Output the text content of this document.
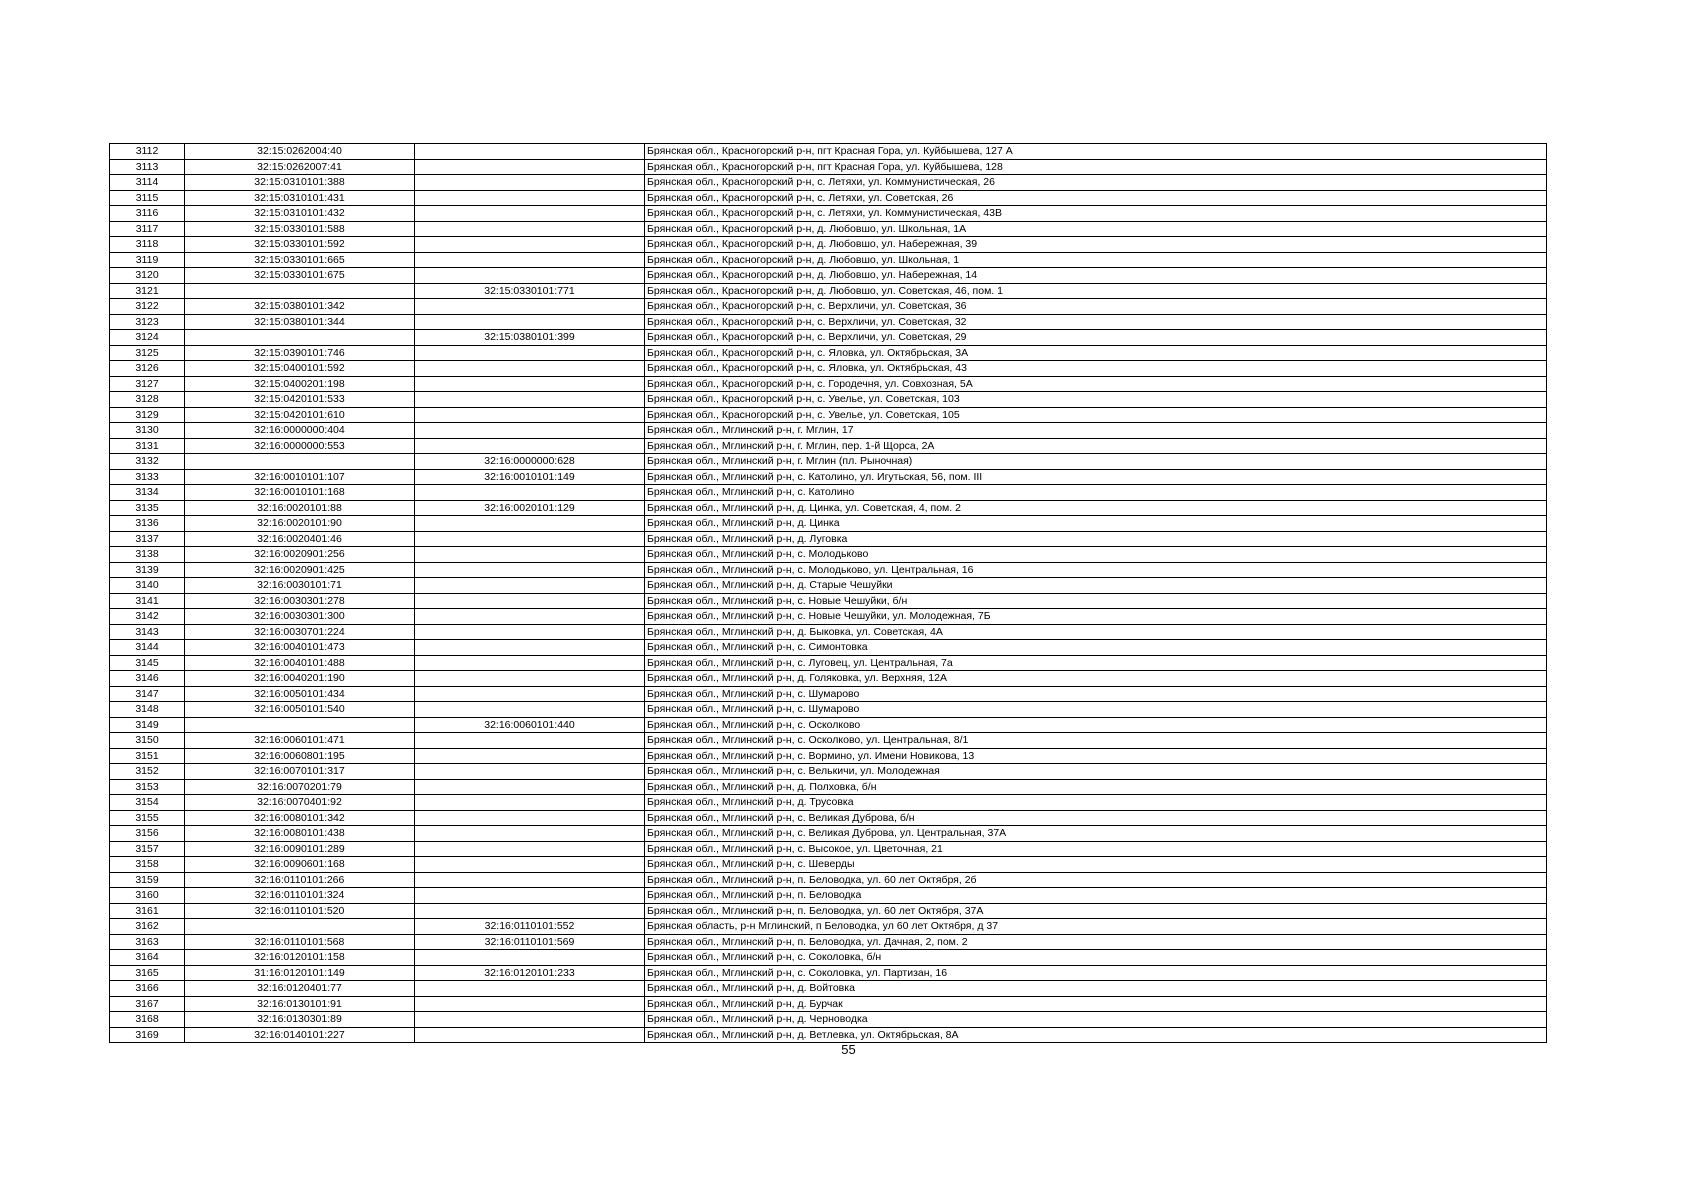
3112	32:15:0262004:40		Брянская обл., Красногорский р-н, пгт Красная Гора, ул. Куйбышева, 127 А
3113	32:15:0262007:41		Брянская обл., Красногорский р-н, пгт Красная Гора, ул. Куйбышева, 128
3114	32:15:0310101:388		Брянская обл., Красногорский р-н, с. Летяхи, ул. Коммунистическая, 26
3115	32:15:0310101:431		Брянская обл., Красногорский р-н, с. Летяхи, ул. Советская, 26
3116	32:15:0310101:432		Брянская обл., Красногорский р-н, с. Летяхи, ул. Коммунистическая, 43В
3117	32:15:0330101:588		Брянская обл., Красногорский р-н, д. Любовшо, ул. Школьная, 1А
3118	32:15:0330101:592		Брянская обл., Красногорский р-н, д. Любовшо, ул. Набережная, 39
3119	32:15:0330101:665		Брянская обл., Красногорский р-н, д. Любовшо, ул. Школьная, 1
3120	32:15:0330101:675		Брянская обл., Красногорский р-н, д. Любовшо, ул. Набережная, 14
3121		32:15:0330101:771	Брянская обл., Красногорский р-н, д. Любовшо, ул. Советская, 46, пом. 1
3122	32:15:0380101:342		Брянская обл., Красногорский р-н, с. Верхличи, ул. Советская, 36
3123	32:15:0380101:344		Брянская обл., Красногорский р-н, с. Верхличи, ул. Советская, 32
3124		32:15:0380101:399	Брянская обл., Красногорский р-н, с. Верхличи, ул. Советская, 29
3125	32:15:0390101:746		Брянская обл., Красногорский р-н, с. Яловка, ул. Октябрьская, 3А
3126	32:15:0400101:592		Брянская обл., Красногорский р-н, с. Яловка, ул. Октябрьская, 43
3127	32:15:0400201:198		Брянская обл., Красногорский р-н, с. Городечня, ул. Совхозная, 5А
3128	32:15:0420101:533		Брянская обл., Красногорский р-н, с. Увелье, ул. Советская, 103
3129	32:15:0420101:610		Брянская обл., Красногорский р-н, с. Увелье, ул. Советская, 105
3130	32:16:0000000:404		Брянская обл., Мглинский р-н, г. Мглин, 17
3131	32:16:0000000:553		Брянская обл., Мглинский р-н, г. Мглин, пер. 1-й Щорса, 2А
3132		32:16:0000000:628	Брянская обл., Мглинский р-н, г. Мглин (пл. Рыночная)
3133	32:16:0010101:107	32:16:0010101:149	Брянская обл., Мглинский р-н, с. Католино, ул. Игутьская, 56, пом. III
3134	32:16:0010101:168		Брянская обл., Мглинский р-н, с. Католино
3135	32:16:0020101:88	32:16:0020101:129	Брянская обл., Мглинский р-н, д. Цинка, ул. Советская, 4, пом. 2
3136	32:16:0020101:90		Брянская обл., Мглинский р-н, д. Цинка
3137	32:16:0020401:46		Брянская обл., Мглинский р-н, д. Луговка
3138	32:16:0020901:256		Брянская обл., Мглинский р-н, с. Молодьково
3139	32:16:0020901:425		Брянская обл., Мглинский р-н, с. Молодьково, ул. Центральная, 16
3140	32:16:0030101:71		Брянская обл., Мглинский р-н, д. Старые Чешуйки
3141	32:16:0030301:278		Брянская обл., Мглинский р-н, с. Новые Чешуйки, б/н
3142	32:16:0030301:300		Брянская обл., Мглинский р-н, с. Новые Чешуйки, ул. Молодежная, 7Б
3143	32:16:0030701:224		Брянская обл., Мглинский р-н, д. Быковка, ул. Советская, 4А
3144	32:16:0040101:473		Брянская обл., Мглинский р-н, с. Симонтовка
3145	32:16:0040101:488		Брянская обл., Мглинский р-н, с. Луговец, ул. Центральная, 7а
3146	32:16:0040201:190		Брянская обл., Мглинский р-н, д. Голяковка, ул. Верхняя, 12А
3147	32:16:0050101:434		Брянская обл., Мглинский р-н, с. Шумарово
3148	32:16:0050101:540		Брянская обл., Мглинский р-н, с. Шумарово
3149		32:16:0060101:440	Брянская обл., Мглинский р-н, с. Осколково
3150	32:16:0060101:471		Брянская обл., Мглинский р-н, с. Осколково, ул. Центральная, 8/1
3151	32:16:0060801:195		Брянская обл., Мглинский р-н, с. Вормино, ул. Имени Новикова, 13
3152	32:16:0070101:317		Брянская обл., Мглинский р-н, с. Велькичи, ул. Молодежная
3153	32:16:0070201:79		Брянская обл., Мглинский р-н, д. Полховка, б/н
3154	32:16:0070401:92		Брянская обл., Мглинский р-н, д. Трусовка
3155	32:16:0080101:342		Брянская обл., Мглинский р-н, с. Великая Дуброва, б/н
3156	32:16:0080101:438		Брянская обл., Мглинский р-н, с. Великая Дуброва, ул. Центральная, 37А
3157	32:16:0090101:289		Брянская обл., Мглинский р-н, с. Высокое, ул. Цветочная, 21
3158	32:16:0090601:168		Брянская обл., Мглинский р-н, с. Шеверды
3159	32:16:0110101:266		Брянская обл., Мглинский р-н, п. Беловодка, ул. 60 лет Октября, 2б
3160	32:16:0110101:324		Брянская обл., Мглинский р-н, п. Беловодка
3161	32:16:0110101:520		Брянская обл., Мглинский р-н, п. Беловодка, ул. 60 лет Октября, 37А
3162		32:16:0110101:552	Брянская область, р-н Мглинский, п Беловодка, ул 60 лет Октября, д 37
3163	32:16:0110101:568	32:16:0110101:569	Брянская обл., Мглинский р-н, п. Беловодка, ул. Дачная, 2, пом. 2
3164	32:16:0120101:158		Брянская обл., Мглинский р-н, с. Соколовка, б/н
3165	31:16:0120101:149	32:16:0120101:233	Брянская обл., Мглинский р-н, с. Соколовка, ул. Партизан, 16
3166	32:16:0120401:77		Брянская обл., Мглинский р-н, д. Войтовка
3167	32:16:0130101:91		Брянская обл., Мглинский р-н, д. Бурчак
3168	32:16:0130301:89		Брянская обл., Мглинский р-н, д. Черноводка
3169	32:16:0140101:227		Брянская обл., Мглинский р-н, д. Ветлевка, ул. Октябрьская, 8А
55
